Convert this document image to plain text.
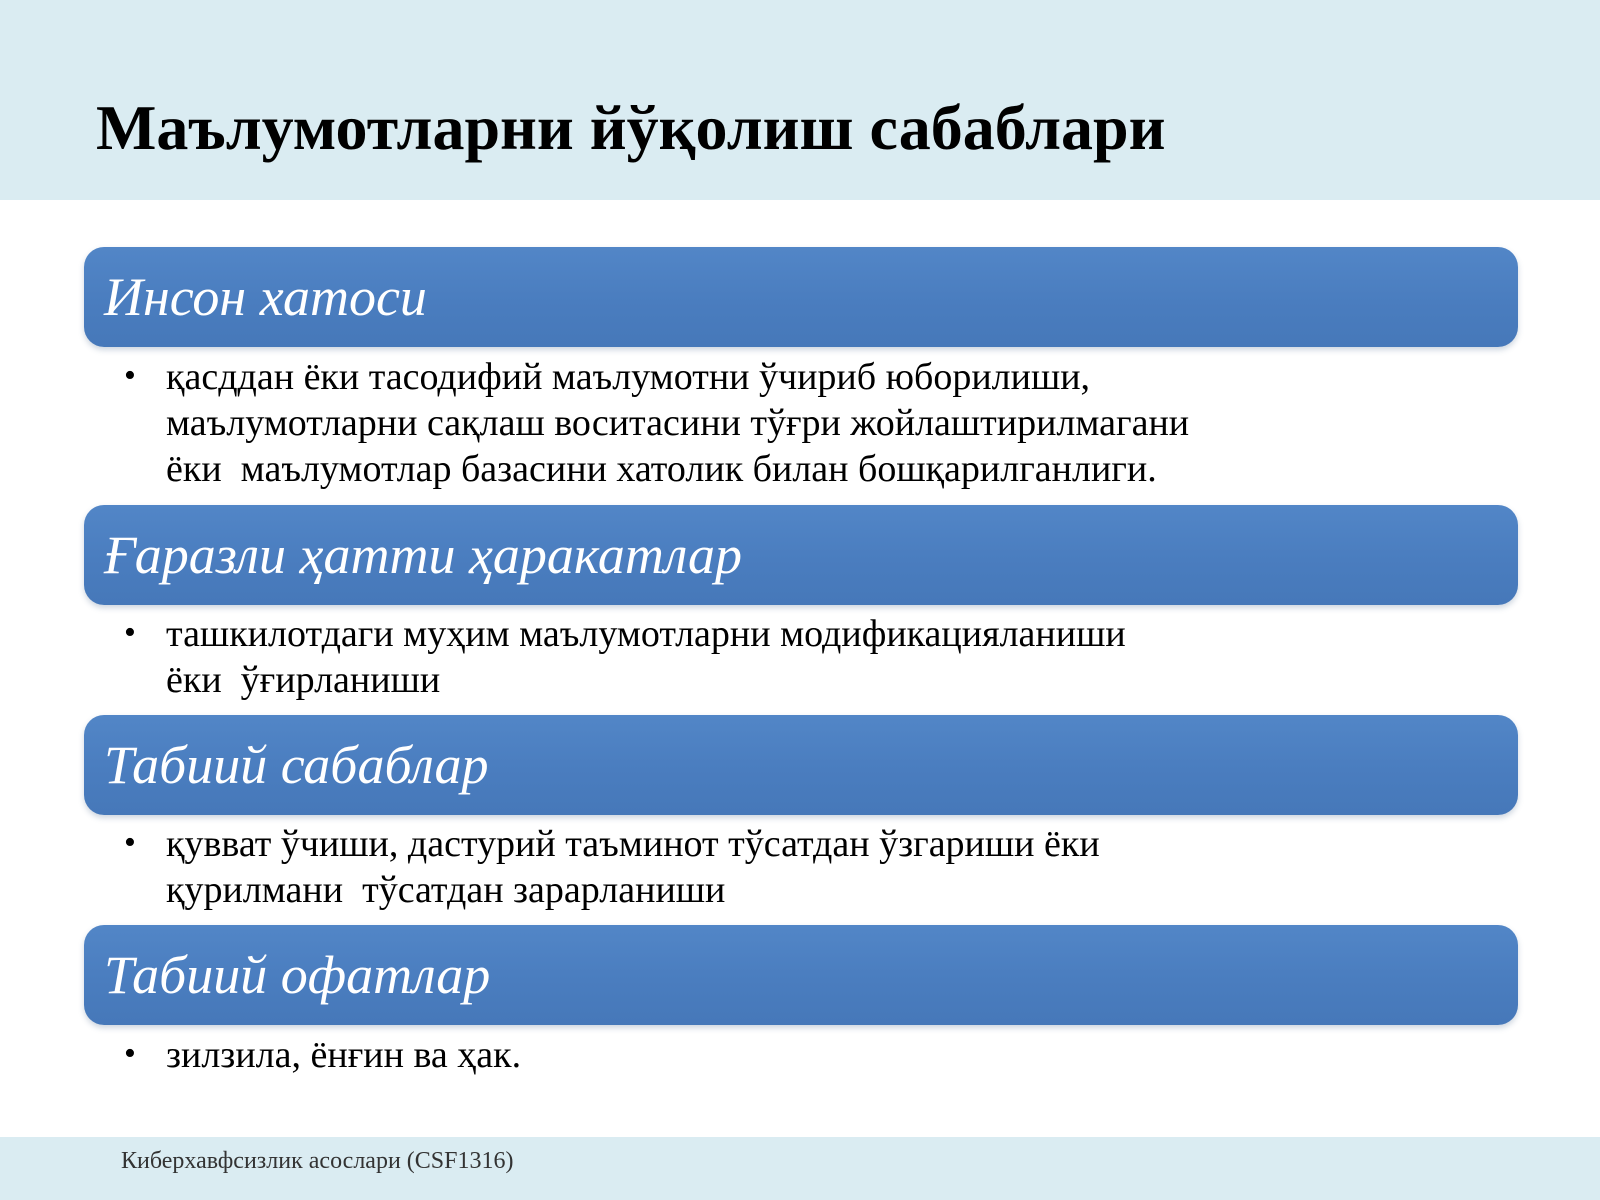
Маълумотларни йўқолиш сабаблари
Инсон хатоси
• қасддан ёки тасодифий маълумотни ўчириб юборилиши,
маълумотларни сақлаш воситасини тўғри жойлаштирилмагани
ёки  маълумотлар базасини хатолик билан бошқарилганлиги.
Ғаразли ҳатти ҳаракатлар
• ташкилотдаги муҳим маълумотларни модификацияланиши
ёки  ўғирланиши
Табиий сабаблар
• қувват ўчиши, дастурий таъминот тўсатдан ўзгариши ёки
қурилмани  тўсатдан зарарланиши
Табиий офатлар
• зилзила, ёнғин ва ҳак.
Киберхавфсизлик асослари (CSF1316)
